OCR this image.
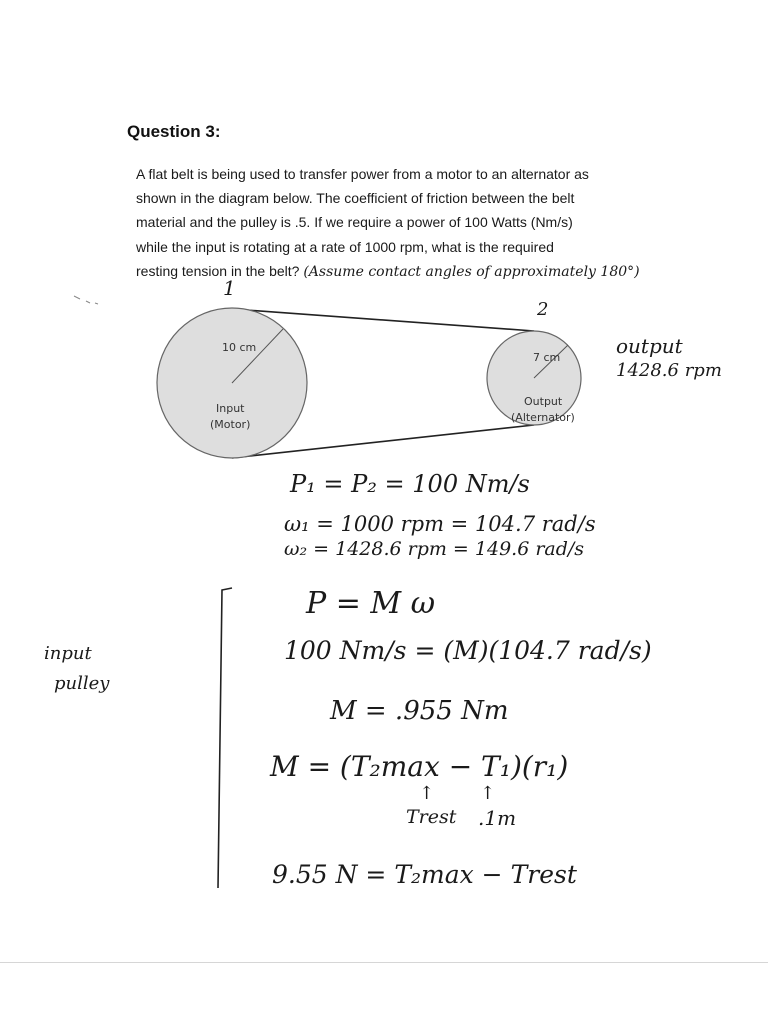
Question 3:
A flat belt is being used to transfer power from a motor to an alternator as
shown in the diagram below. The coefficient of friction between the belt
material and the pulley is .5. If we require a power of 100 Watts (Nm/s)
while the input is rotating at a rate of 1000 rpm, what is the required
resting tension in the belt? (Assume contact angles of approximately 180°)
10 cm
Input
(Motor)
7 cm
Output
(Alternator)
1
2
output
1428.6 rpm
input
pulley
P₁ = P₂ = 100 Nm/s
ω₁ = 1000 rpm = 104.7 rad/s
ω₂ = 1428.6 rpm = 149.6 rad/s
P = M ω
100 Nm/s = (M)(104.7 rad/s)
M = .955 Nm
M = (T₂max − T₁)(r₁)
↑	↑
Trest .1m
9.55 N = T₂max − Trest
